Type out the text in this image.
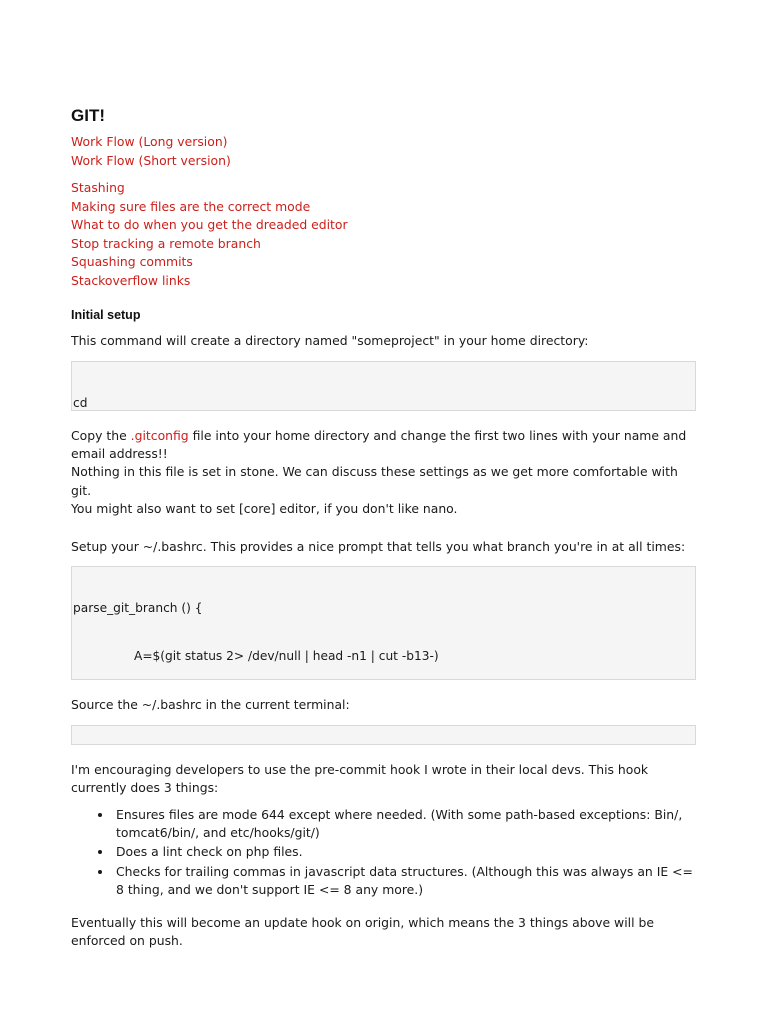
GIT!
Work Flow (Long version)
Work Flow (Short version)
Stashing
Making sure files are the correct mode
What to do when you get the dreaded editor
Stop tracking a remote branch
Squashing commits
Stackoverflow links
Initial setup

This command will create a directory named "someproject" in your home directory:

cd

Copy the .gitconfig file into your home directory and change the first two lines with your name and
email address!!
Nothing in this file is set in stone. We can discuss these settings as we get more comfortable with
git.
You might also want to set [core] editor, if you don't like nano.

Setup your ~/.bashrc. This provides a nice prompt that tells you what branch you're in at all times:

parse_git_branch () {

A=$(git status 2> /dev/null | head -n1 | cut -b13-)

Source the ~/.bashrc in the current terminal:

I'm encouraging developers to use the pre-commit hook I wrote in their local devs. This hook
currently does 3 things:

Ensures files are mode 644 except where needed. (With some path-based exceptions: Bin/,
tomcat6/bin/, and etc/hooks/git/)
Does a lint check on php files.
Checks for trailing commas in javascript data structures. (Although this was always an IE <=
8 thing, and we don't support IE <= 8 any more.)

Eventually this will become an update hook on origin, which means the 3 things above will be
enforced on push.
